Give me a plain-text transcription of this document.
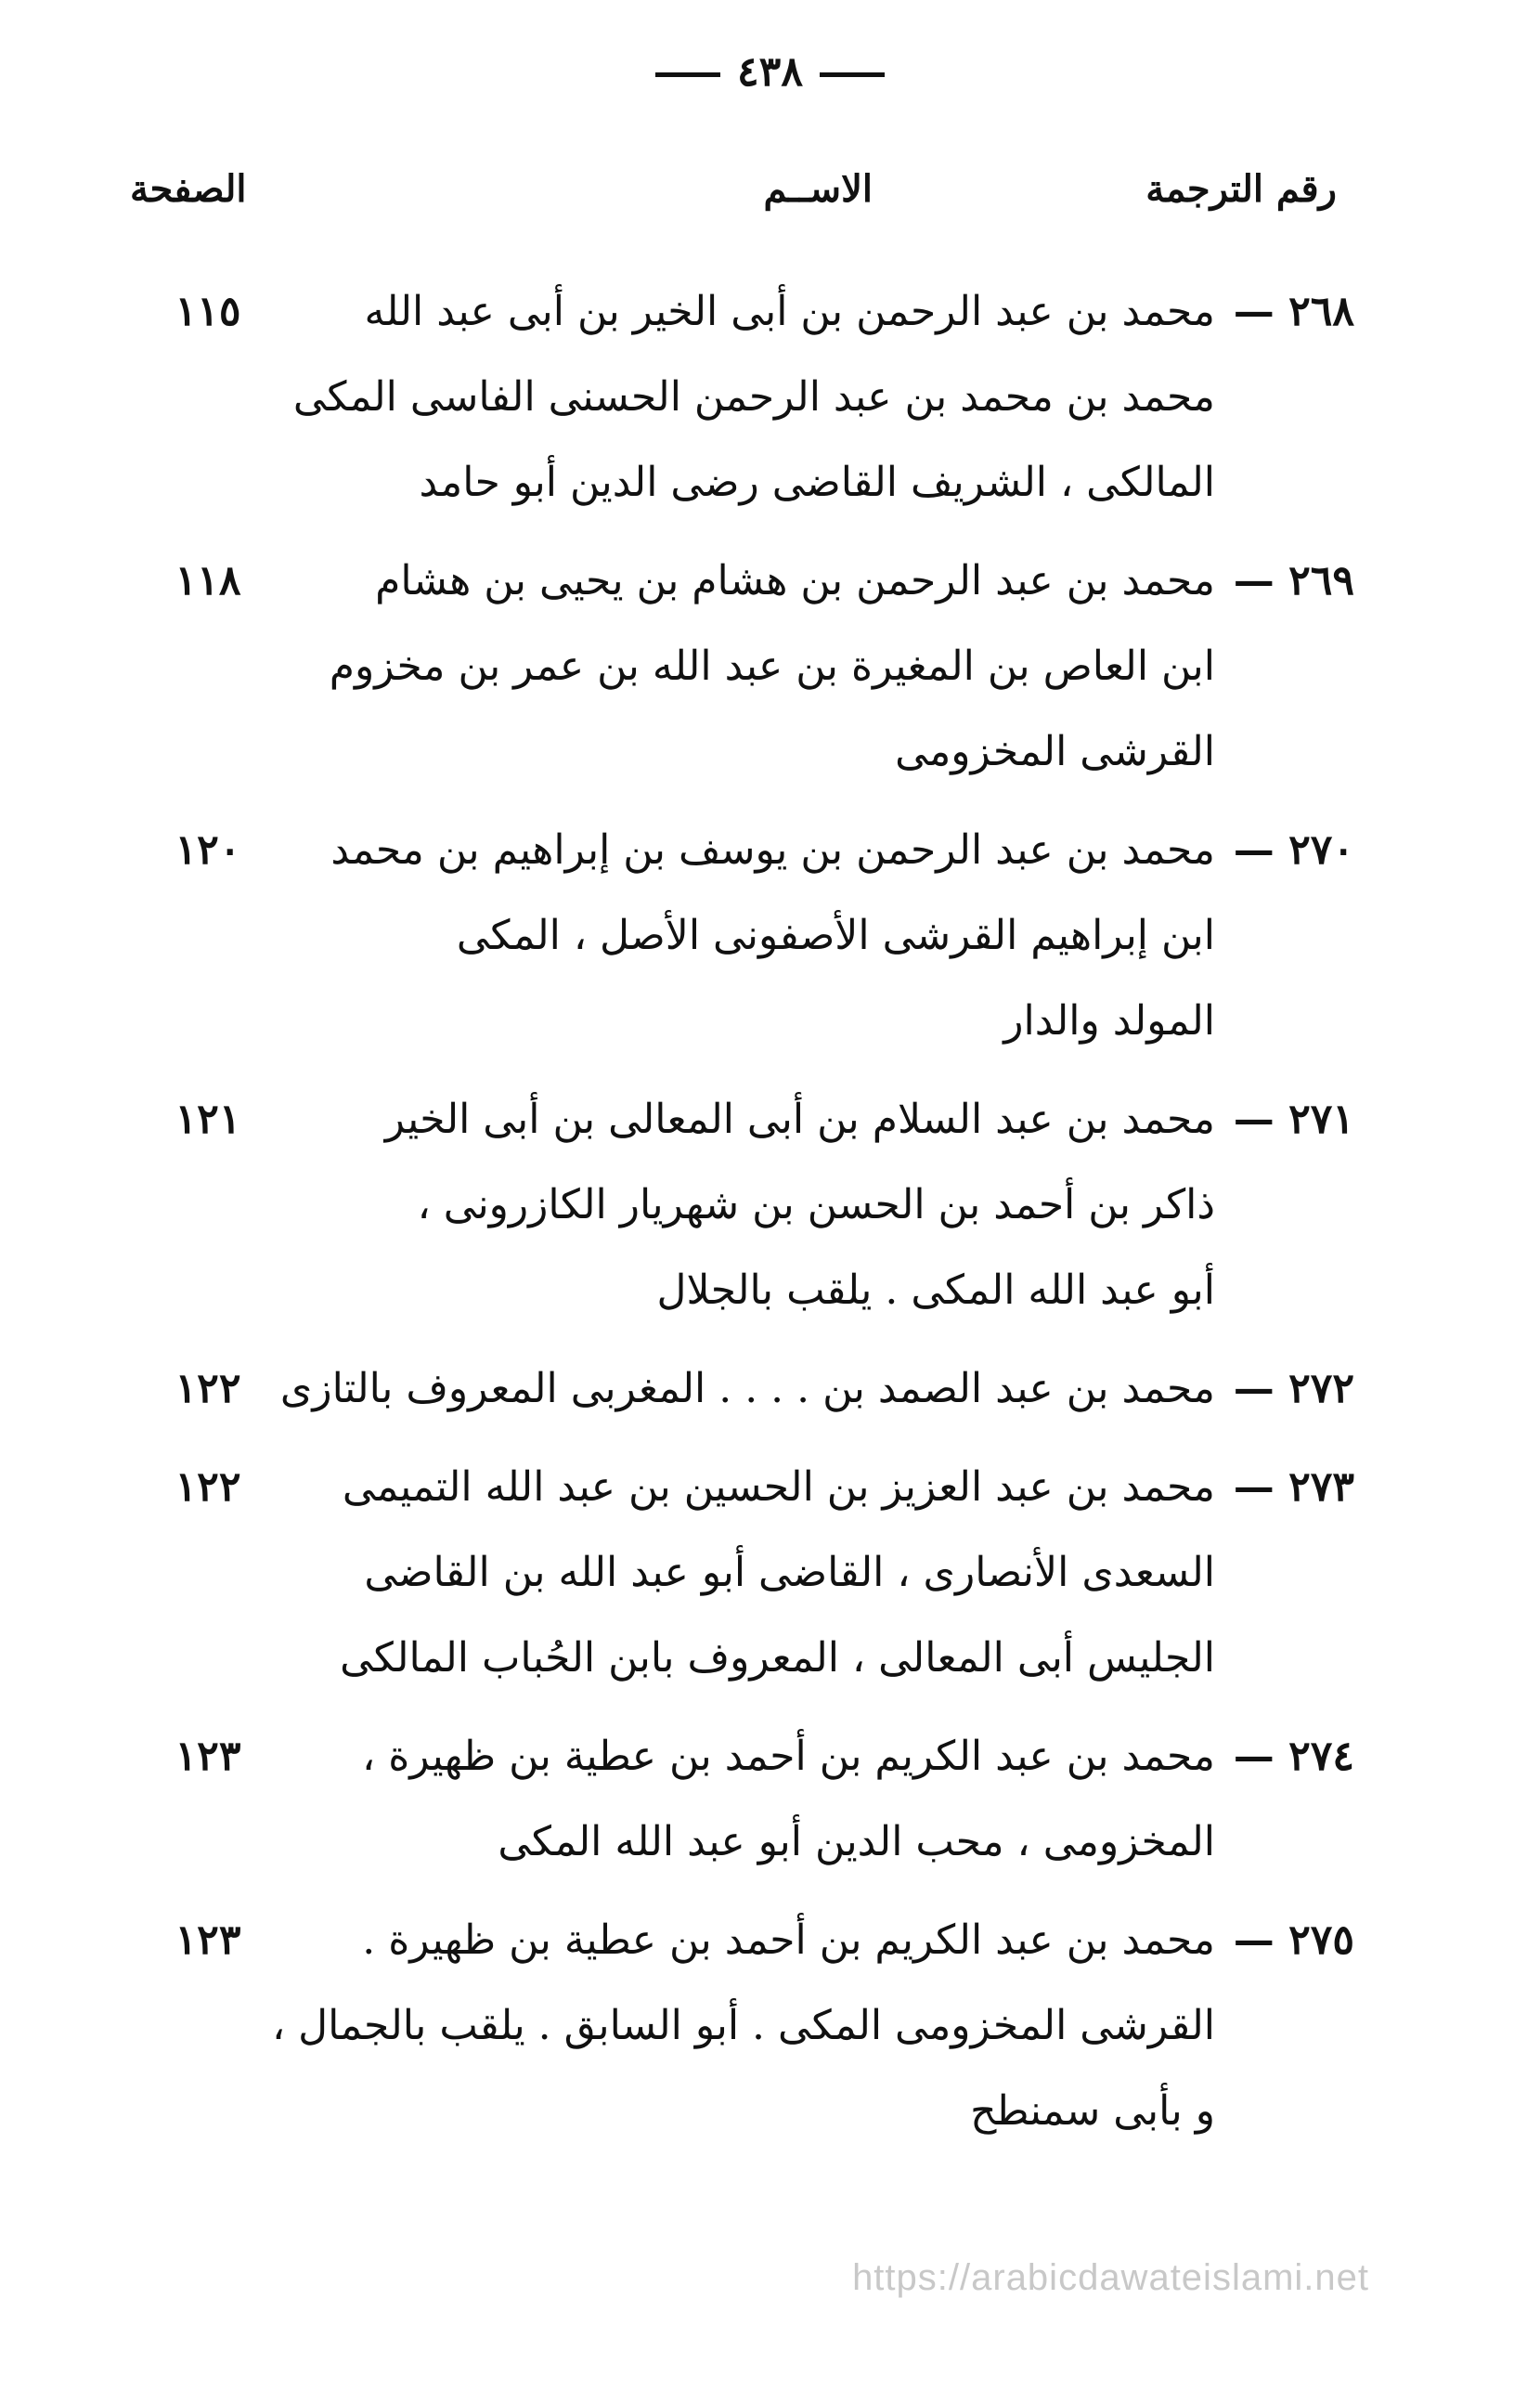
٤٣٨
رقم الترجمة
الاســم
الصفحة
٢٦٨ —
محمد بن عبد الرحمن بن أبى الخير بن أبى عبد الله
محمد بن محمد بن عبد الرحمن الحسنى الفاسى المكى
المالكى ، الشريف القاضى رضى الدين أبو حامد
١١٥
٢٦٩ —
محمد بن عبد الرحمن بن هشام بن يحيى بن هشام
ابن العاص بن المغيرة بن عبد الله بن عمر بن مخزوم
القرشى المخزومى
١١٨
٢٧٠ —
محمد بن عبد الرحمن بن يوسف بن إبراهيم بن محمد
ابن إبراهيم القرشى الأصفونى الأصل ، المكى
المولد والدار
١٢٠
٢٧١ —
محمد بن عبد السلام بن أبى المعالى بن أبى الخير
ذاكر بن أحمد بن الحسن بن شهريار الكازرونى ،
أبو عبد الله المكى . يلقب بالجلال
١٢١
٢٧٢ —
محمد بن عبد الصمد بن . . . . المغربى المعروف بالتازى
١٢٢
٢٧٣ —
محمد بن عبد العزيز بن الحسين بن عبد الله التميمى
السعدى الأنصارى ، القاضى أبو عبد الله بن القاضى
الجليس أبى المعالى ، المعروف بابن الحُباب المالكى
١٢٢
٢٧٤ —
محمد بن عبد الكريم بن أحمد بن عطية بن ظهيرة ،
المخزومى ، محب الدين أبو عبد الله المكى
١٢٣
٢٧٥ —
محمد بن عبد الكريم بن أحمد بن عطية بن ظهيرة .
القرشى المخزومى المكى . أبو السابق . يلقب بالجمال ،
و بأبى سمنطح
١٢٣
https://arabicdawateislami.net
